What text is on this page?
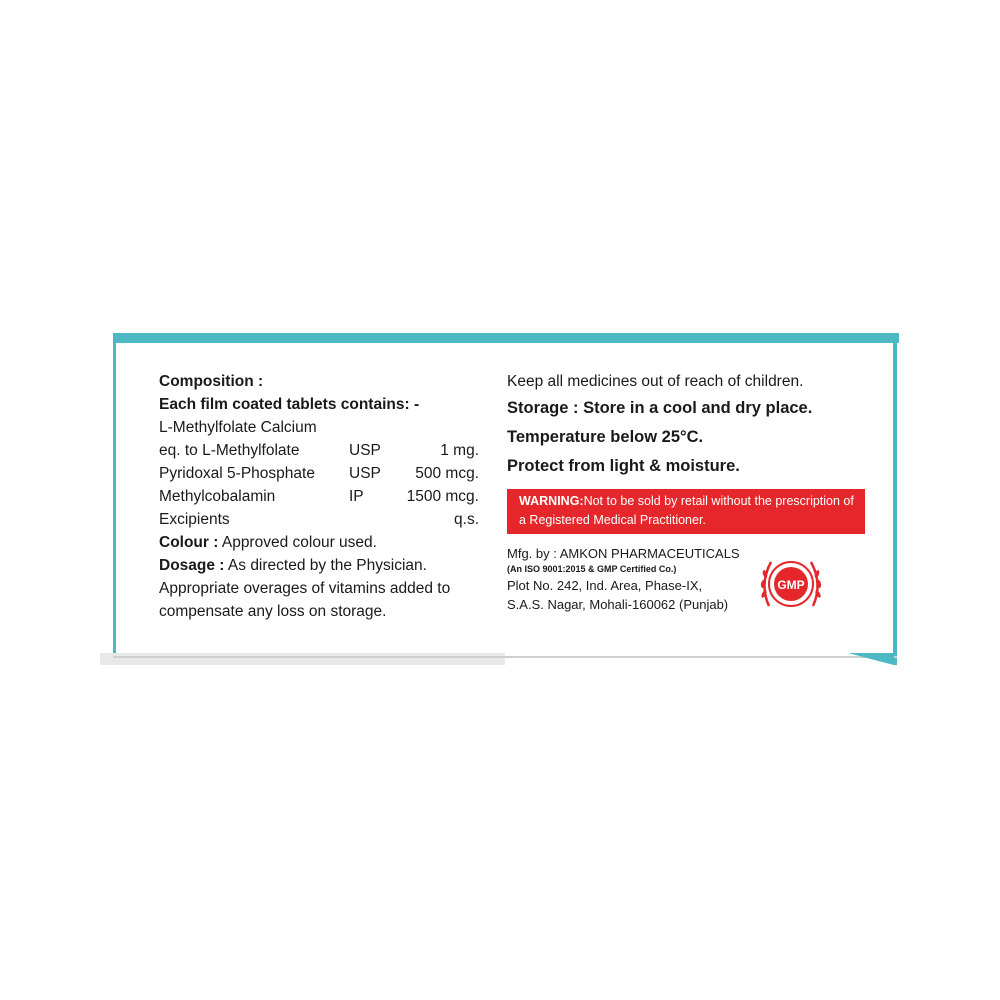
Composition :
Each film coated tablets contains: -
L-Methylfolate Calcium
eq. to L-Methylfolate	USP	1 mg.
Pyridoxal 5-Phosphate	USP	500 mcg.
Methylcobalamin	IP	1500 mcg.
Excipients	q.s.
Colour : Approved colour used.
Dosage : As directed by the Physician.
Appropriate overages of vitamins added to compensate any loss on storage.
Keep all medicines out of reach of children.
Storage : Store in a cool and dry place.
Temperature below 25°C.
Protect from light & moisture.
WARNING:Not to be sold by retail without the prescription of a Registered Medical Practitioner.
Mfg. by : AMKON PHARMACEUTICALS
(An ISO 9001:2015 & GMP Certified Co.)
Plot No. 242, Ind. Area, Phase-IX,
S.A.S. Nagar, Mohali-160062 (Punjab)
GMP
